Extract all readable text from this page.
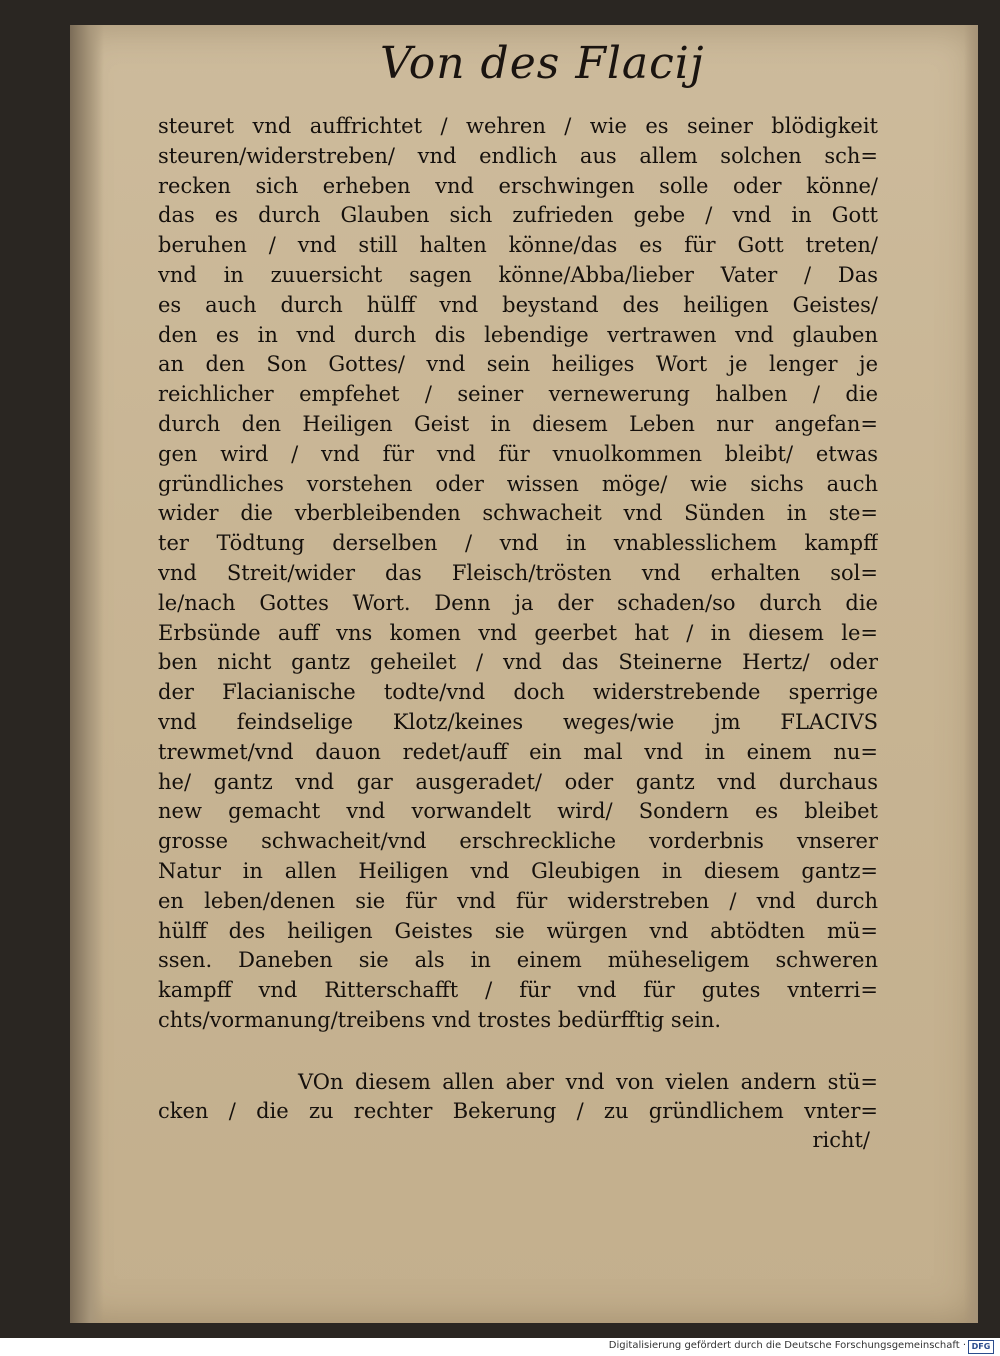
Von des Flacij
steuret vnd auffrichtet / wehren / wie es seiner blödigkeit
steuren/widerstreben/ vnd endlich aus allem solchen sch=
recken sich erheben vnd erschwingen solle oder könne/
das es durch Glauben sich zufrieden gebe / vnd in Gott
beruhen / vnd still halten könne/das es für Gott treten/
vnd in zuuersicht sagen könne/Abba/lieber Vater / Das
es auch durch hülff vnd beystand des heiligen Geistes/
den es in vnd durch dis lebendige vertrawen vnd glauben
an den Son Gottes/ vnd sein heiliges Wort je lenger je
reichlicher empfehet / seiner vernewerung halben / die
durch den Heiligen Geist in diesem Leben nur angefan=
gen wird / vnd für vnd für vnuolkommen bleibt/ etwas
gründliches vorstehen oder wissen möge/ wie sichs auch
wider die vberbleibenden schwacheit vnd Sünden in ste=
ter Tödtung derselben / vnd in vnablesslichem kampff
vnd Streit/wider das Fleisch/trösten vnd erhalten sol=
le/nach Gottes Wort. Denn ja der schaden/so durch die
Erbsünde auff vns komen vnd geerbet hat / in diesem le=
ben nicht gantz geheilet / vnd das Steinerne Hertz/ oder
der Flacianische todte/vnd doch widerstrebende sperrige
vnd feindselige Klotz/keines weges/wie jm FLACIVS
trewmet/vnd dauon redet/auff ein mal vnd in einem nu=
he/ gantz vnd gar ausgeradet/ oder gantz vnd durchaus
new gemacht vnd vorwandelt wird/ Sondern es bleibet
grosse schwacheit/vnd erschreckliche vorderbnis vnserer
Natur in allen Heiligen vnd Gleubigen in diesem gantz=
en leben/denen sie für vnd für widerstreben / vnd durch
hülff des heiligen Geistes sie würgen vnd abtödten mü=
ssen. Daneben sie als in einem müheseligem schweren
kampff vnd Ritterschafft / für vnd für gutes vnterri=
chts/vormanung/treibens vnd trostes bedürfftig sein.
VOn diesem allen aber vnd von vielen andern stü=
cken / die zu rechter Bekerung / zu gründlichem vnter=
richt/
Digitalisierung gefördert durch die Deutsche Forschungsgemeinschaft · DFG
